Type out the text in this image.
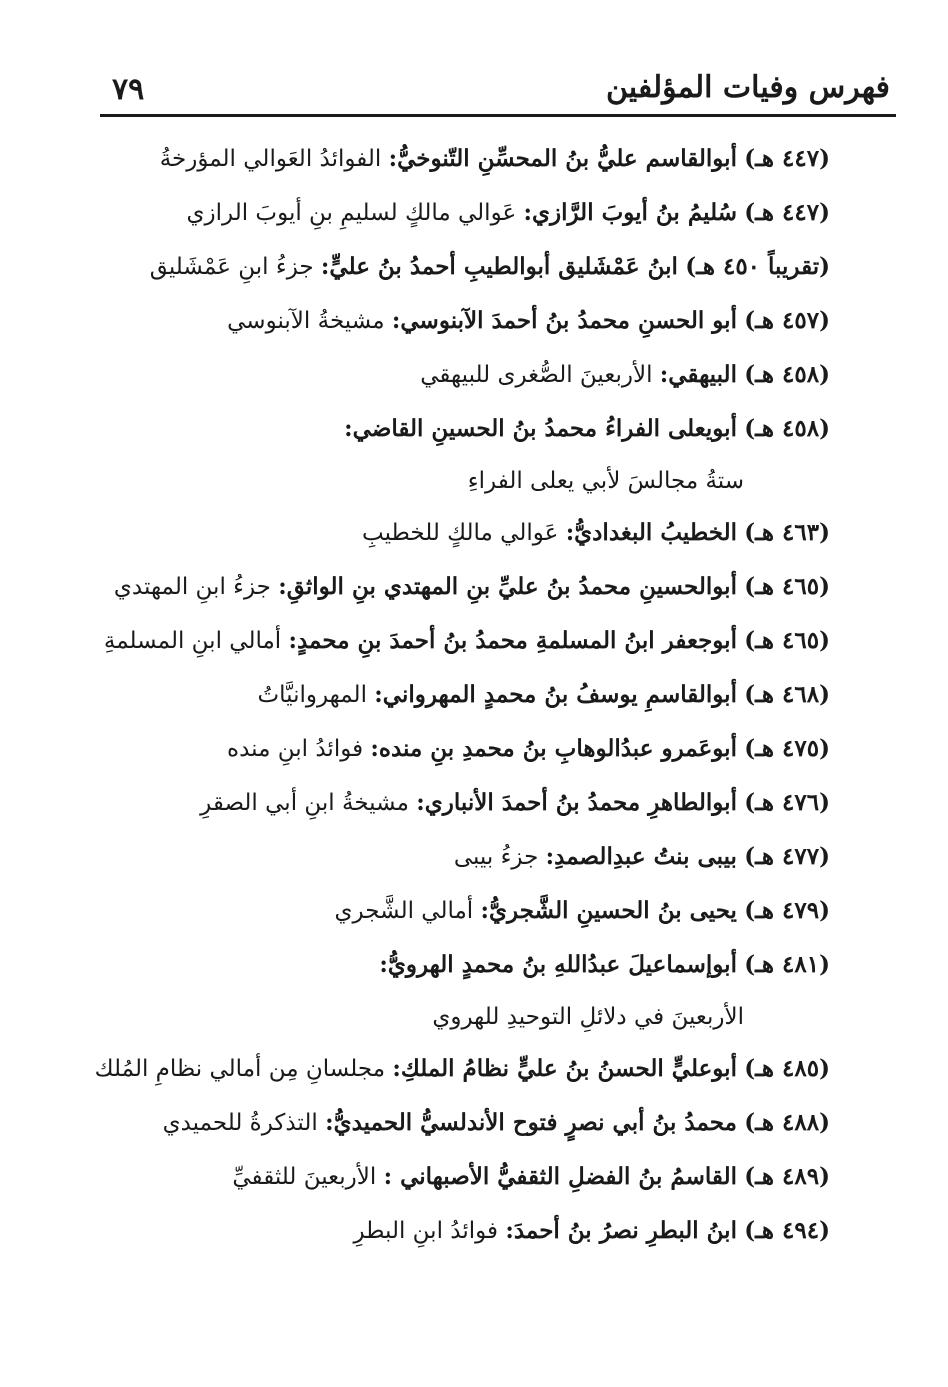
٧٩	فهرس وفيات المؤلفين
(٤٤٧ هـ) أبوالقاسم عليُّ بنُ المحسِّنِ التّنوخيُّ: الفوائدُ العَوالي المؤرخةُ
(٤٤٧ هـ) سُليمُ بنُ أيوبَ الرَّازي: عَوالي مالكٍ لسليمِ بنِ أيوبَ الرازي
(تقريباً ٤٥٠ هـ) ابنُ عَمْشَليق أبوالطيبِ أحمدُ بنُ عليٍّ: جزءُ ابنِ عَمْشَليق
(٤٥٧ هـ) أبو الحسنِ محمدُ بنُ أحمدَ الآبنوسي: مشيخةُ الآبنوسي
(٤٥٨ هـ) البيهقي: الأربعينَ الصُّغرى للبيهقي
(٤٥٨ هـ) أبويعلى الفراءُ محمدُ بنُ الحسينِ القاضي:
ستةُ مجالسَ لأبي يعلى الفراءِ
(٤٦٣ هـ) الخطيبُ البغداديُّ: عَوالي مالكٍ للخطيبِ
(٤٦٥ هـ) أبوالحسينِ محمدُ بنُ عليِّ بنِ المهتدي بنِ الواثقِ: جزءُ ابنِ المهتدي
(٤٦٥ هـ) أبوجعفر ابنُ المسلمةِ محمدُ بنُ أحمدَ بنِ محمدٍ: أمالي ابنِ المسلمةِ
(٤٦٨ هـ) أبوالقاسمِ يوسفُ بنُ محمدٍ المهرواني: المهروانيَّاتُ
(٤٧٥ هـ) أبوعَمرو عبدُالوهابِ بنُ محمدِ بنِ منده: فوائدُ ابنِ منده
(٤٧٦ هـ) أبوالطاهرِ محمدُ بنُ أحمدَ الأنباري: مشيخةُ ابنِ أبي الصقرِ
(٤٧٧ هـ) بيبى بنتُ عبدِالصمدِ: جزءُ بيبى
(٤٧٩ هـ) يحيى بنُ الحسينِ الشَّجريُّ: أمالي الشَّجري
(٤٨١ هـ) أبوإسماعيلَ عبدُاللهِ بنُ محمدٍ الهرويُّ:
الأربعينَ في دلائلِ التوحيدِ للهروي
(٤٨٥ هـ) أبوعليٍّ الحسنُ بنُ عليٍّ نظامُ الملكِ: مجلسانِ مِن أمالي نظامِ المُلك
(٤٨٨ هـ) محمدُ بنُ أبي نصرٍ فتوح الأندلسيُّ الحميديُّ: التذكرةُ للحميدي
(٤٨٩ هـ) القاسمُ بنُ الفضلِ الثقفيُّ الأصبهاني : الأربعينَ للثقفيِّ
(٤٩٤ هـ) ابنُ البطرِ نصرُ بنُ أحمدَ: فوائدُ ابنِ البطرِ
